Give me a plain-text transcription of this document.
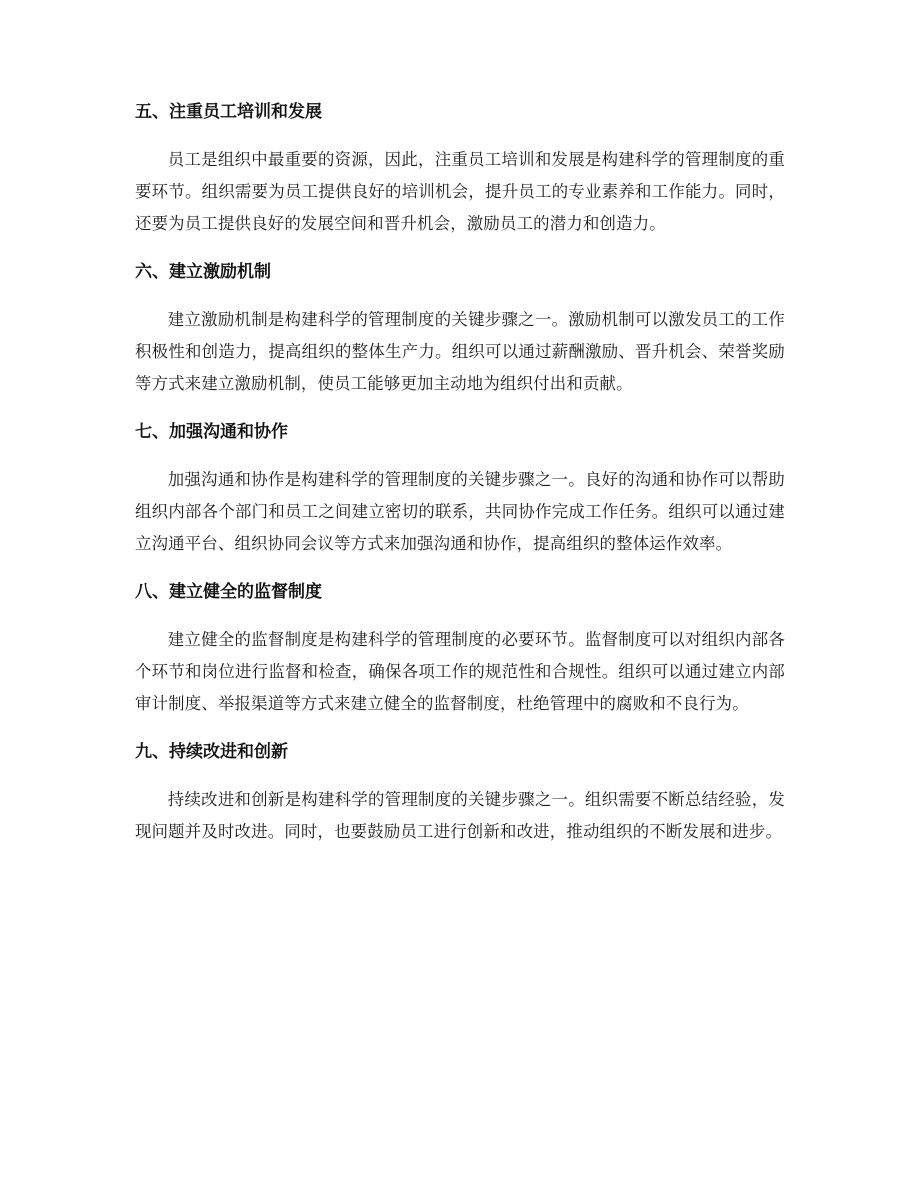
五、注重员工培训和发展

员工是组织中最重要的资源，因此，注重员工培训和发展是构建科学的管理制度的重要环节。组织需要为员工提供良好的培训机会，提升员工的专业素养和工作能力。同时，还要为员工提供良好的发展空间和晋升机会，激励员工的潜力和创造力。

六、建立激励机制

建立激励机制是构建科学的管理制度的关键步骤之一。激励机制可以激发员工的工作积极性和创造力，提高组织的整体生产力。组织可以通过薪酬激励、晋升机会、荣誉奖励等方式来建立激励机制，使员工能够更加主动地为组织付出和贡献。

七、加强沟通和协作

加强沟通和协作是构建科学的管理制度的关键步骤之一。良好的沟通和协作可以帮助组织内部各个部门和员工之间建立密切的联系，共同协作完成工作任务。组织可以通过建立沟通平台、组织协同会议等方式来加强沟通和协作，提高组织的整体运作效率。

八、建立健全的监督制度

建立健全的监督制度是构建科学的管理制度的必要环节。监督制度可以对组织内部各个环节和岗位进行监督和检查，确保各项工作的规范性和合规性。组织可以通过建立内部审计制度、举报渠道等方式来建立健全的监督制度，杜绝管理中的腐败和不良行为。

九、持续改进和创新

持续改进和创新是构建科学的管理制度的关键步骤之一。组织需要不断总结经验，发现问题并及时改进。同时，也要鼓励员工进行创新和改进，推动组织的不断发展和进步。
